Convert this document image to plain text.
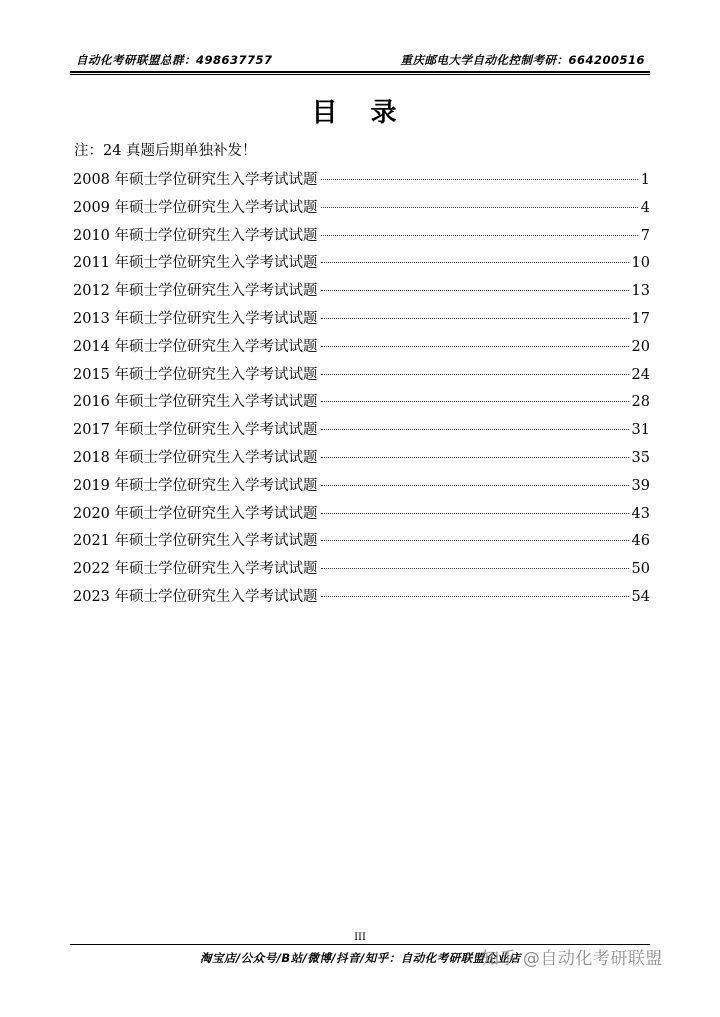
自动化考研联盟总群：498637757	重庆邮电大学自动化控制考研：664200516
目 录
注：24 真题后期单独补发！
2008 年硕士学位研究生入学考试试题	1
2009 年硕士学位研究生入学考试试题	4
2010 年硕士学位研究生入学考试试题	7
2011 年硕士学位研究生入学考试试题	10
2012 年硕士学位研究生入学考试试题	13
2013 年硕士学位研究生入学考试试题	17
2014 年硕士学位研究生入学考试试题	20
2015 年硕士学位研究生入学考试试题	24
2016 年硕士学位研究生入学考试试题	28
2017 年硕士学位研究生入学考试试题	31
2018 年硕士学位研究生入学考试试题	35
2019 年硕士学位研究生入学考试试题	39
2020 年硕士学位研究生入学考试试题	43
2021 年硕士学位研究生入学考试试题	46
2022 年硕士学位研究生入学考试试题	50
2023 年硕士学位研究生入学考试试题	54
III
淘宝店/公众号/B站/微博/抖音/知乎：自动化考研联盟企业店
知乎 @自动化考研联盟
